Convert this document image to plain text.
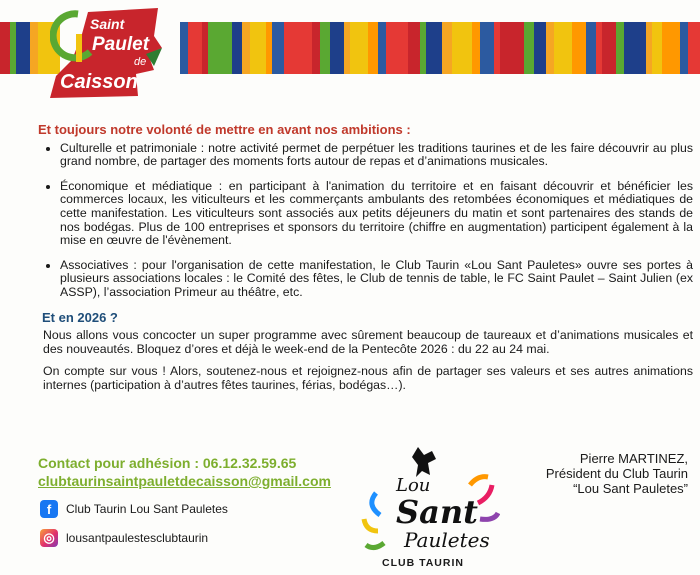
Saint
Paulet
de
Caisson
Et toujours notre volonté de mettre en avant nos ambitions :
• Culturelle et patrimoniale : notre activité permet de perpétuer les traditions taurines et de les faire découvrir au plus grand nombre, de partager des moments forts autour de repas et d’animations musicales.
• Économique et médiatique : en participant à l'animation du territoire et en faisant découvrir et bénéficier les commerces locaux, les viticulteurs et les commerçants ambulants des retombées économiques et médiatiques de cette manifestation. Les viticulteurs sont associés aux petits déjeuners du matin et sont partenaires des stands de nos bodégas. Plus de 100 entreprises et sponsors du territoire (chiffre en augmentation) participent également à la mise en œuvre de l'évènement.
• Associatives : pour l'organisation de cette manifestation, le Club Taurin «Lou Sant Pauletes» ouvre ses portes à plusieurs associations locales : le Comité des fêtes, le Club de tennis de table, le FC Saint Paulet – Saint Julien (ex ASSP), l’association Primeur au théâtre, etc.
Et en 2026 ?

Nous allons vous concocter un super programme avec sûrement beaucoup de taureaux et d’animations musicales et des nouveautés. Bloquez d’ores et déjà le week-end de la Pentecôte 2026 : du 22 au 24 mai.

On compte sur vous ! Alors, soutenez-nous et rejoignez-nous afin de partager ses valeurs et ses autres animations internes (participation à d’autres fêtes taurines, férias, bodégas…).

Contact pour adhésion : 06.12.32.59.65
clubtaurinsaintpauletdecaisson@gmail.com
f	Club Taurin Lou Sant Pauletes
◎ lousantpaulestesclubtaurin
Lou
Sant
Pauletes
CLUB TAURIN
Pierre MARTINEZ,
Président du Club Taurin
“Lou Sant Pauletes”
